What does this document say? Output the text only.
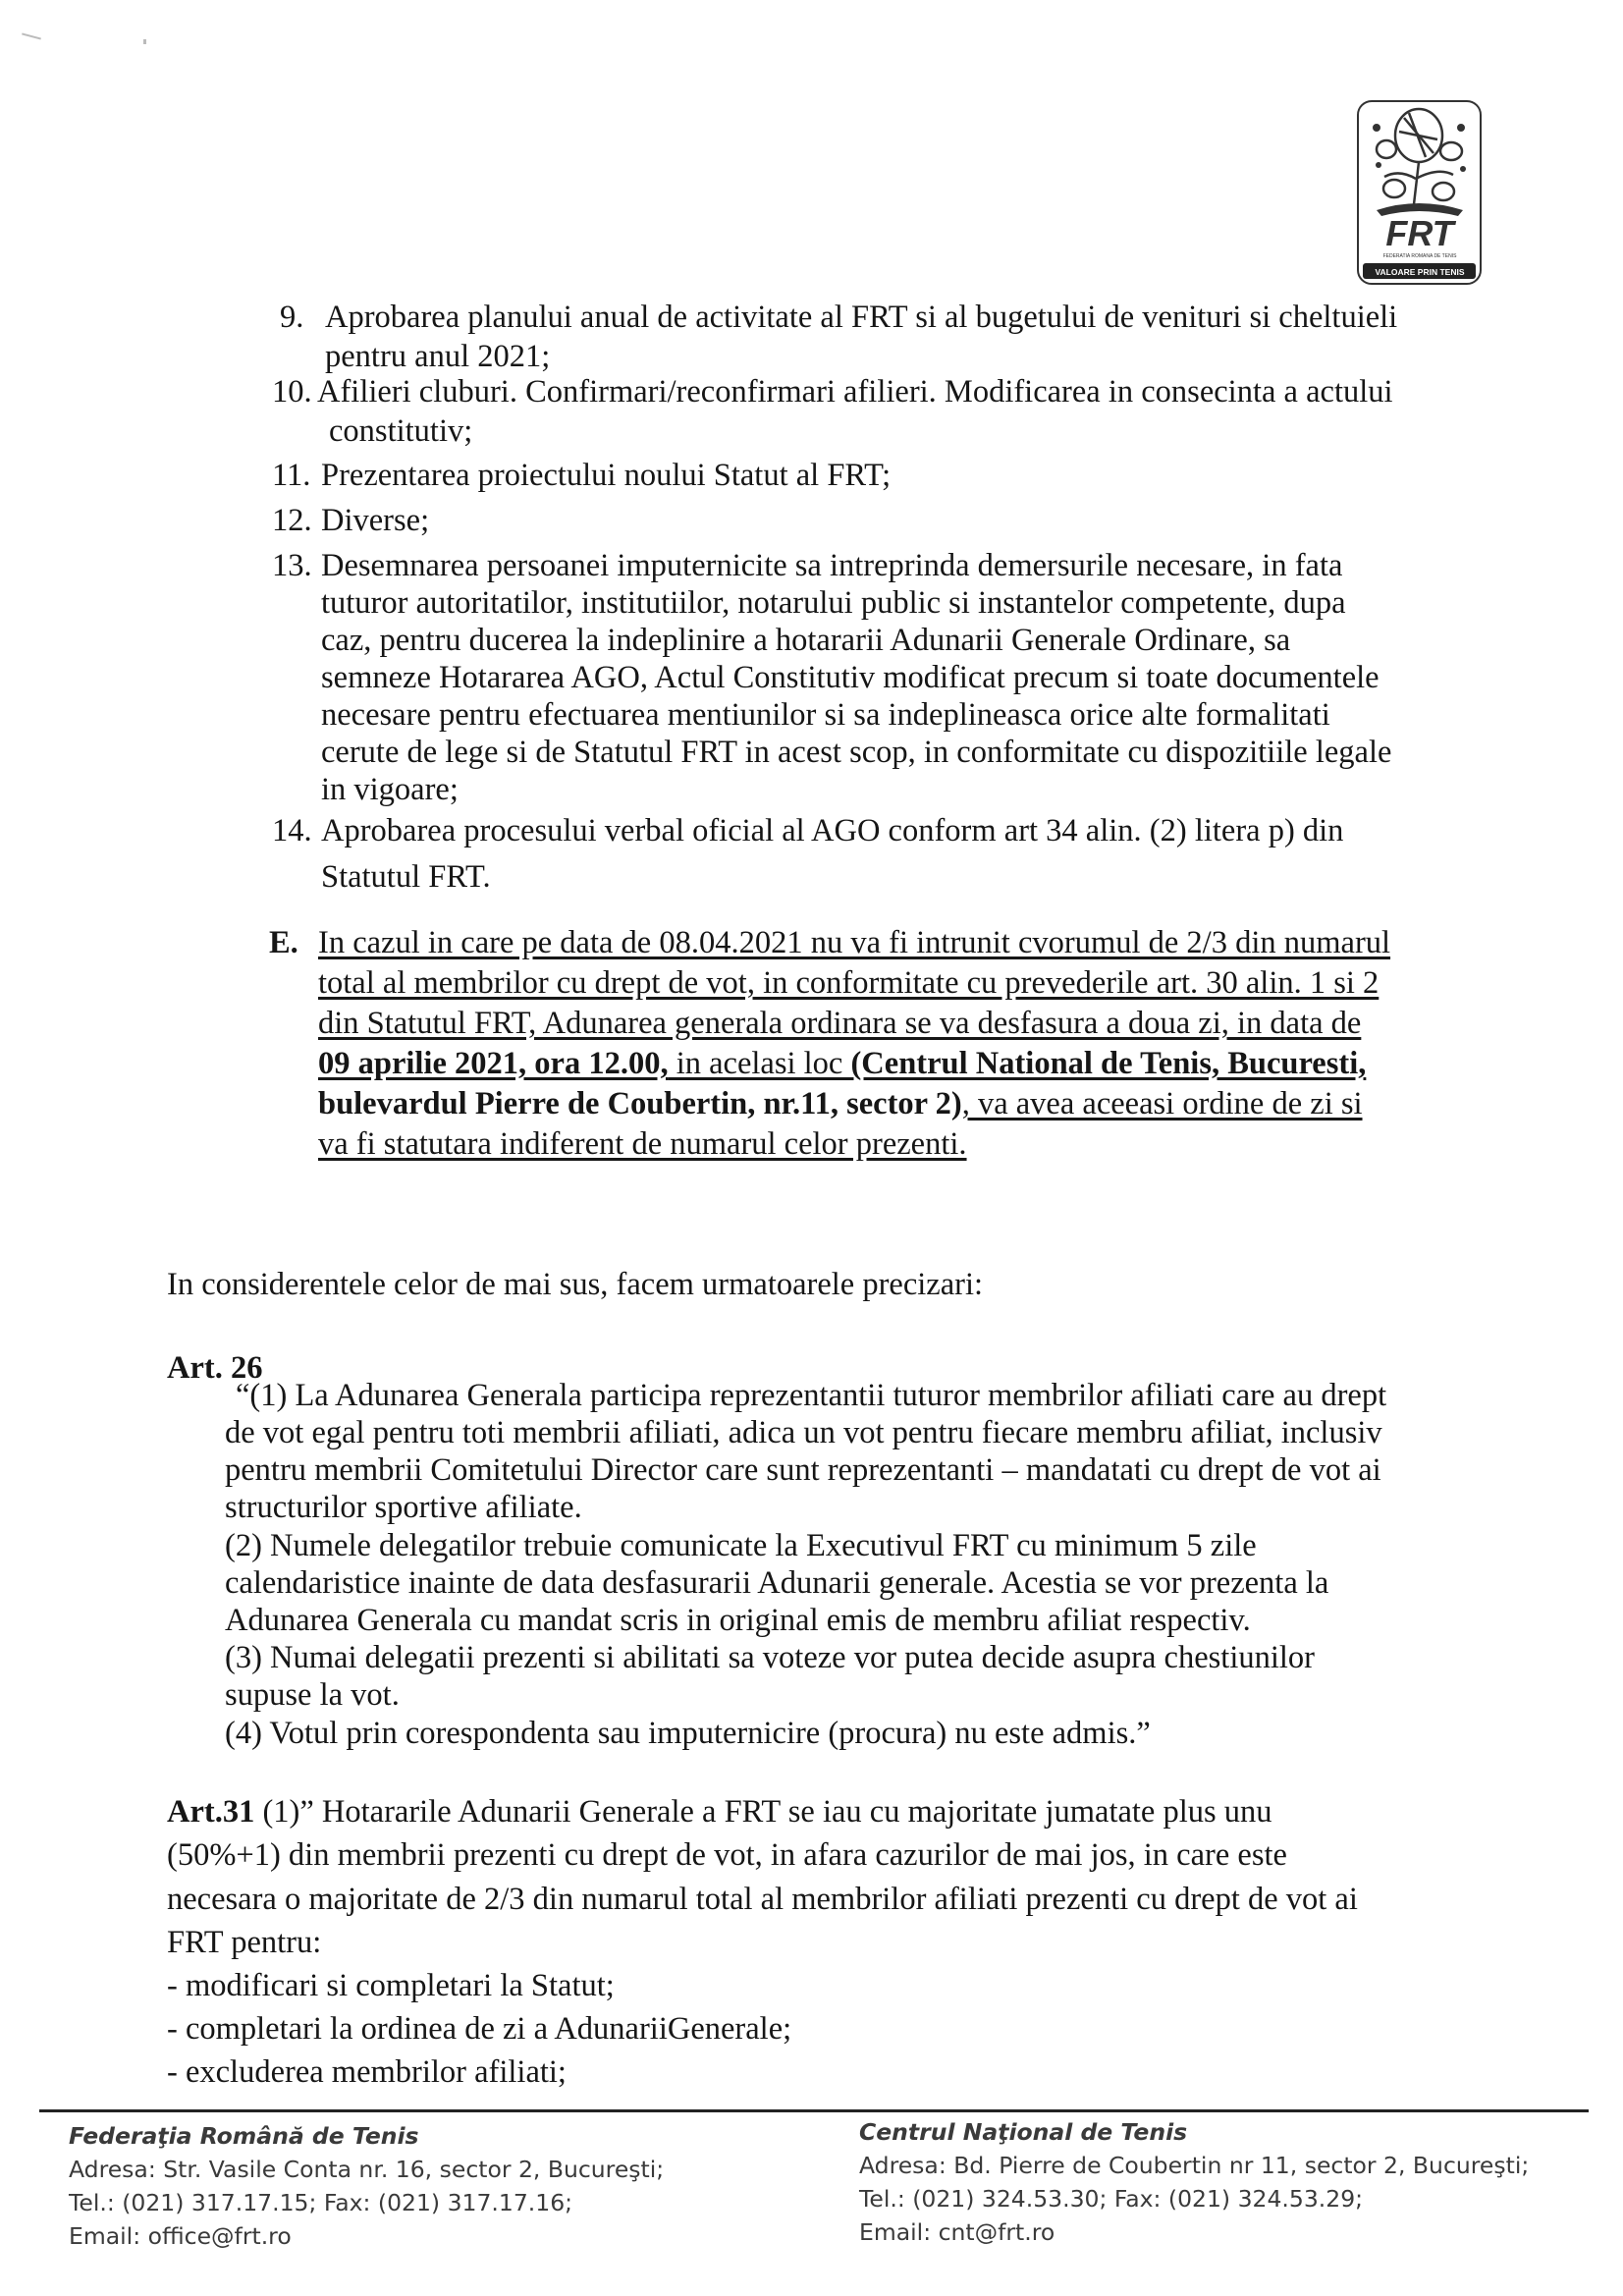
FRT
FEDERATIA ROMANA DE TENIS
VALOARE PRIN TENIS
9. Aprobarea planului anual de activitate al FRT si al bugetului de venituri si cheltuieli
pentru anul 2021;
10. Afilieri cluburi. Confirmari/reconfirmari afilieri. Modificarea in consecinta a actului
constitutiv;
11. Prezentarea proiectului noului Statut al FRT;
12. Diverse;
13. Desemnarea persoanei imputernicite sa intreprinda demersurile necesare, in fata
tuturor autoritatilor, institutiilor, notarului public si instantelor competente, dupa
caz, pentru ducerea la indeplinire a hotararii Adunarii Generale Ordinare, sa
semneze Hotararea AGO, Actul Constitutiv modificat precum si toate documentele
necesare pentru efectuarea mentiunilor si sa indeplineasca orice alte formalitati
cerute de lege si de Statutul FRT in acest scop, in conformitate cu dispozitiile legale
in vigoare;
14. Aprobarea procesului verbal oficial al AGO conform art 34 alin. (2) litera p) din
Statutul FRT.
E. In cazul in care pe data de 08.04.2021 nu va fi intrunit cvorumul de 2/3 din numarul
total al membrilor cu drept de vot, in conformitate cu prevederile art. 30 alin. 1 si 2
din Statutul FRT, Adunarea generala ordinara se va desfasura a doua zi, in data de
09 aprilie 2021, ora 12.00, in acelasi loc (Centrul National de Tenis, Bucuresti,
bulevardul Pierre de Coubertin, nr.11, sector 2), va avea aceeasi ordine de zi si
va fi statutara indiferent de numarul celor prezenti.
In considerentele celor de mai sus, facem urmatoarele precizari:
Art. 26
“(1) La Adunarea Generala participa reprezentantii tuturor membrilor afiliati care au drept
de vot egal pentru toti membrii afiliati, adica un vot pentru fiecare membru afiliat, inclusiv
pentru membrii Comitetului Director care sunt reprezentanti – mandatati cu drept de vot ai
structurilor sportive afiliate.
(2) Numele delegatilor trebuie comunicate la Executivul FRT cu minimum 5 zile
calendaristice inainte de data desfasurarii Adunarii generale. Acestia se vor prezenta la
Adunarea Generala cu mandat scris in original emis de membru afiliat respectiv.
(3) Numai delegatii prezenti si abilitati sa voteze vor putea decide asupra chestiunilor
supuse la vot.
(4) Votul prin corespondenta sau imputernicire (procura) nu este admis.”
Art.31 (1)” Hotararile Adunarii Generale a FRT se iau cu majoritate jumatate plus unu
(50%+1) din membrii prezenti cu drept de vot, in afara cazurilor de mai jos, in care este
necesara o majoritate de 2/3 din numarul total al membrilor afiliati prezenti cu drept de vot ai
FRT pentru:
- modificari si completari la Statut;
- completari la ordinea de zi a AdunariiGenerale;
- excluderea membrilor afiliati;
Federaţia Română de Tenis
Adresa: Str. Vasile Conta nr. 16, sector 2, Bucureşti;
Tel.: (021) 317.17.15; Fax: (021) 317.17.16;
Email: office@frt.ro
Centrul Naţional de Tenis
Adresa: Bd. Pierre de Coubertin nr 11, sector 2, Bucureşti;
Tel.: (021) 324.53.30; Fax: (021) 324.53.29;
Email: cnt@frt.ro
